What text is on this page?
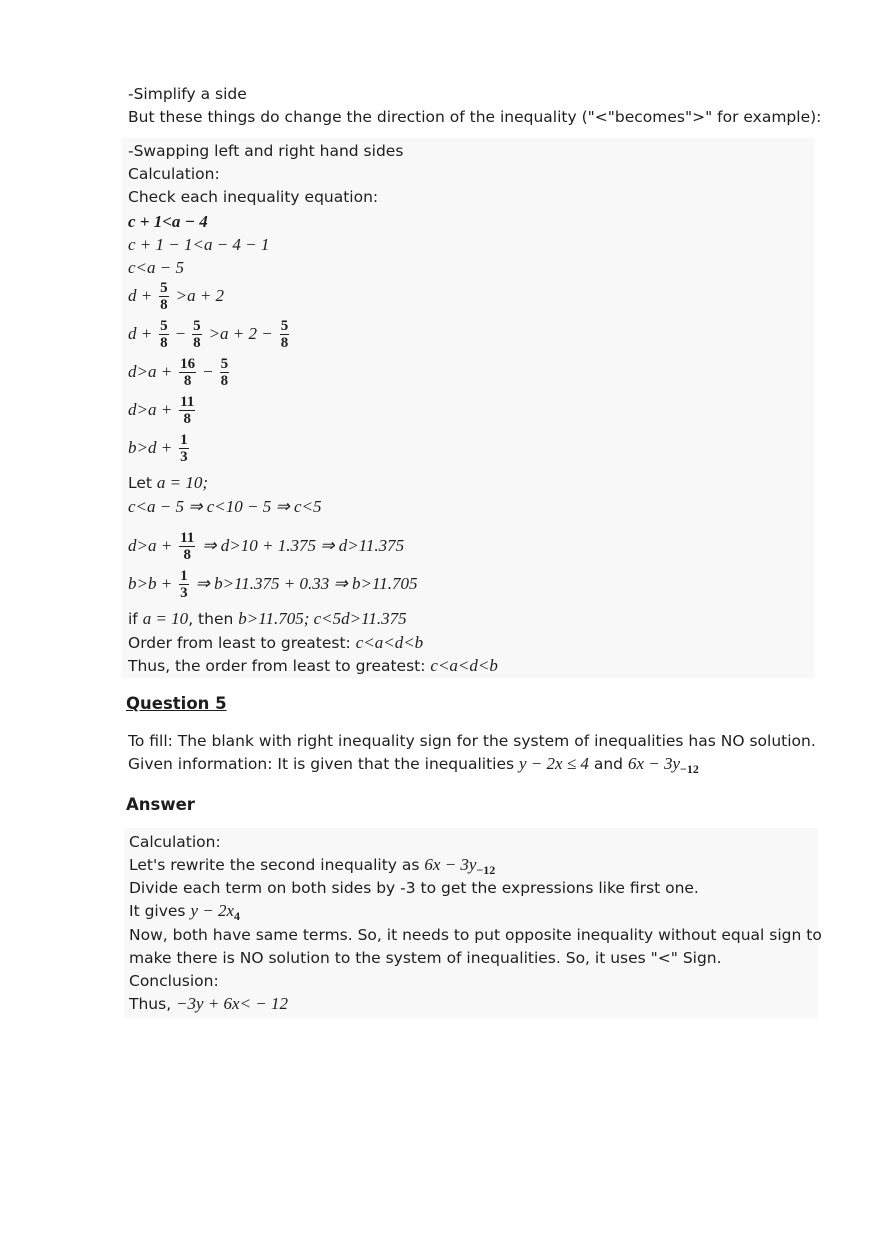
-Simplify a side
But these things do change the direction of the inequality ("<"becomes">" for example):
-Swapping left and right hand sides
Calculation:
Check each inequality equation:
c + 1<a − 4
c + 1 − 1<a − 4 − 1
c<a − 5
$d + \frac{5}{8} >a + 2$
$d + \frac{5}{8} - \frac{5}{8} >a + 2 - \frac{5}{8}$
$d>a + \frac{16}{8} - \frac{5}{8}$
$d>a + \frac{11}{8}$
$b>d + \frac{1}{3}$
Let a = 10;
c<a − 5 ⇒ c<10 − 5 ⇒ c<5
$d>a + \frac{11}{8}$ ⇒ d>10 + 1.375 ⇒ d>11.375
$b>b + \frac{1}{3}$ ⇒ b>11.375 + 0.33 ⇒ b>11.705
if a = 10, then b>11.705; c<5d>11.375
Order from least to greatest: c<a<d<b
Thus, the order from least to greatest: c<a<d<b
Question 5
To fill: The blank with right inequality sign for the system of inequalities has NO solution.
Given information: It is given that the inequalities y − 2x ≤ 4 and $6x - 3y_{-12}$
Answer
Calculation:
Let's rewrite the second inequality as $6x - 3y_{-12}$
Divide each term on both sides by -3 to get the expressions like first one.
It gives $y - 2x_4$
Now, both have same terms. So, it needs to put opposite inequality without equal sign to
make there is NO solution to the system of inequalities. So, it uses "<" Sign.
Conclusion:
Thus, −3y + 6x< − 12
